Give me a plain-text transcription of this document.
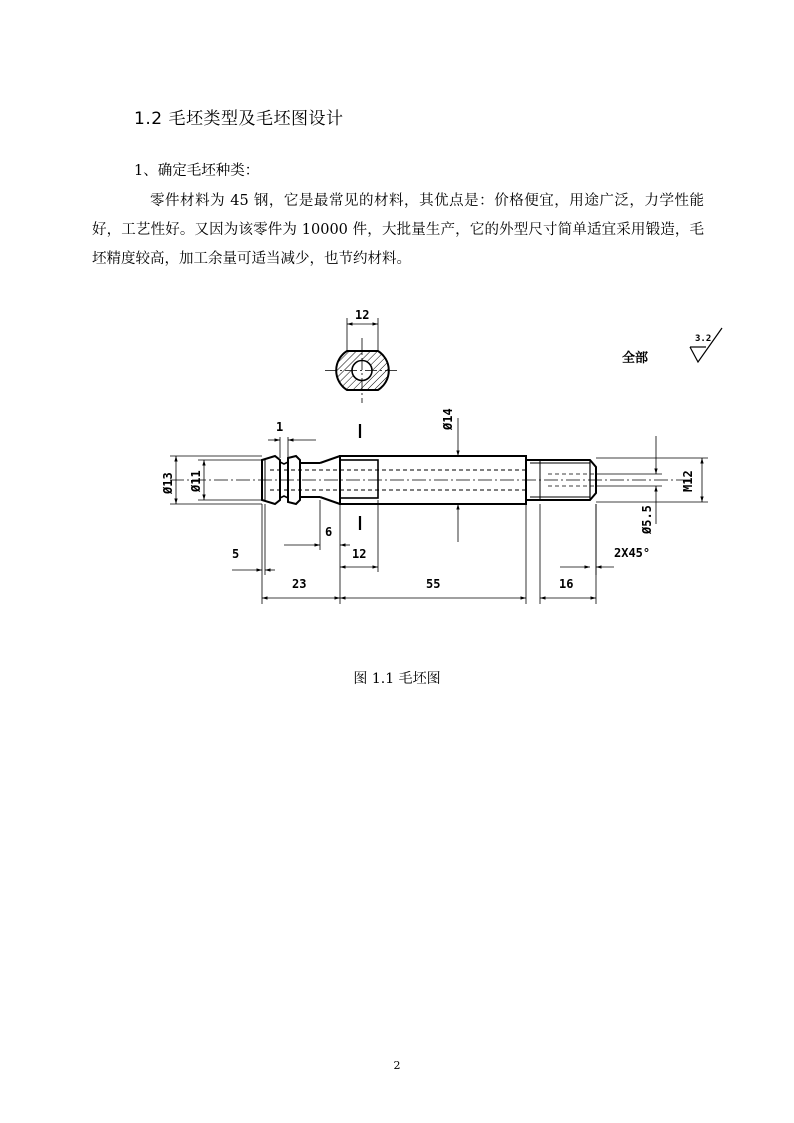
1.2 毛坯类型及毛坯图设计
1、确定毛坯种类：
零件材料为 45 钢，它是最常见的材料，其优点是：价格便宜，用途广泛，力学性能好，工艺性好。又因为该零件为 10000 件，大批量生产，它的外型尺寸简单适宜采用锻造，毛坯精度较高，加工余量可适当减少，也节约材料。
12
全部
3.2
1
Ø13 Ø11
Ø14
M12
Ø5.5
6
5	12
23	55	16
2X45°
图 1.1 毛坯图
2
